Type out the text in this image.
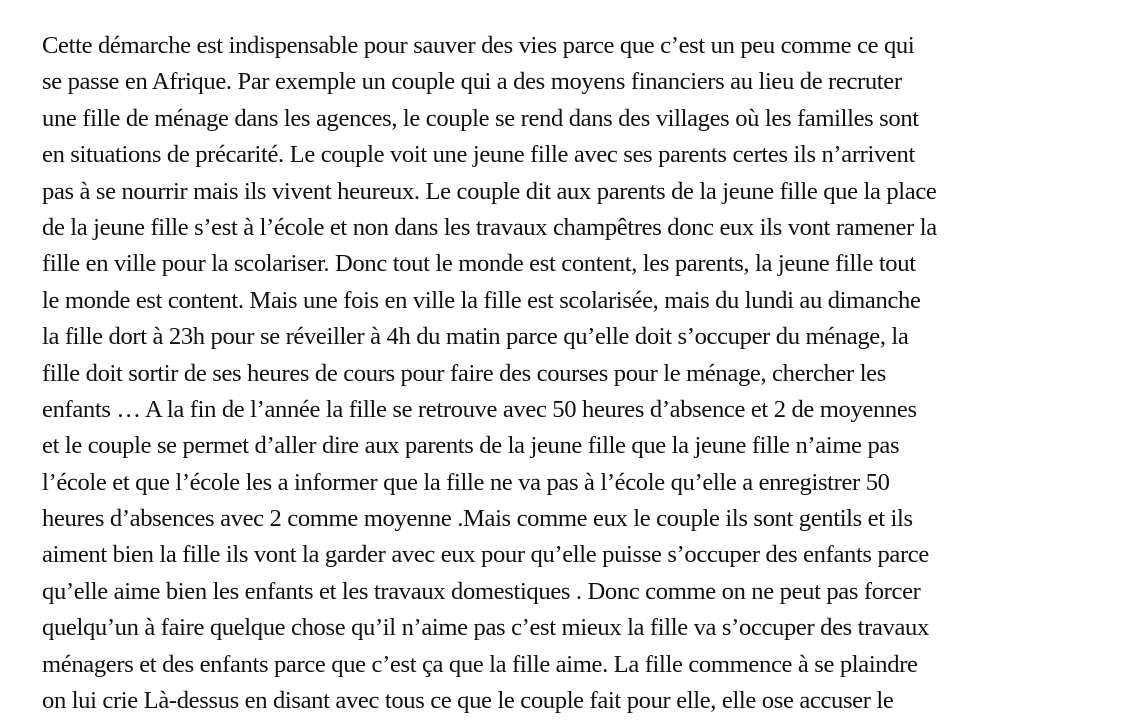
Cette démarche est indispensable pour sauver des vies parce que c’est un peu comme ce qui
se passe en Afrique. Par exemple un couple qui a des moyens financiers au lieu de recruter
une fille de ménage dans les agences, le couple se rend dans des villages où les familles sont
en situations de précarité. Le couple voit une jeune fille avec ses parents certes ils n’arrivent
pas à se nourrir mais ils vivent heureux. Le couple dit aux parents de la jeune fille que la place
de la jeune fille s’est à l’école et non dans les travaux champêtres donc eux ils vont ramener la
fille en ville pour la scolariser. Donc tout le monde est content, les parents, la jeune fille tout
le monde est content. Mais une fois en ville la fille est scolarisée, mais du lundi au dimanche
la fille dort à 23h pour se réveiller à 4h du matin parce qu’elle doit s’occuper du ménage, la
fille doit sortir de ses heures de cours pour faire des courses pour le ménage, chercher les
enfants … A la fin de l’année la fille se retrouve avec 50 heures d’absence et 2 de moyennes
et le couple se permet d’aller dire aux parents de la jeune fille que la jeune fille n’aime pas
l’école et que l’école les a informer que la fille ne va pas à l’école qu’elle a enregistrer 50
heures d’absences avec 2 comme moyenne .Mais comme eux le couple ils sont gentils et ils
aiment bien la fille ils vont la garder avec eux pour qu’elle puisse s’occuper des enfants parce
qu’elle aime bien les enfants et les travaux domestiques . Donc comme on ne peut pas forcer
quelqu’un à faire quelque chose qu’il n’aime pas c’est mieux la fille va s’occuper des travaux
ménagers et des enfants parce que c’est ça que la fille aime. La fille commence à se plaindre
on lui crie Là-dessus en disant avec tous ce que le couple fait pour elle, elle ose accuser le
